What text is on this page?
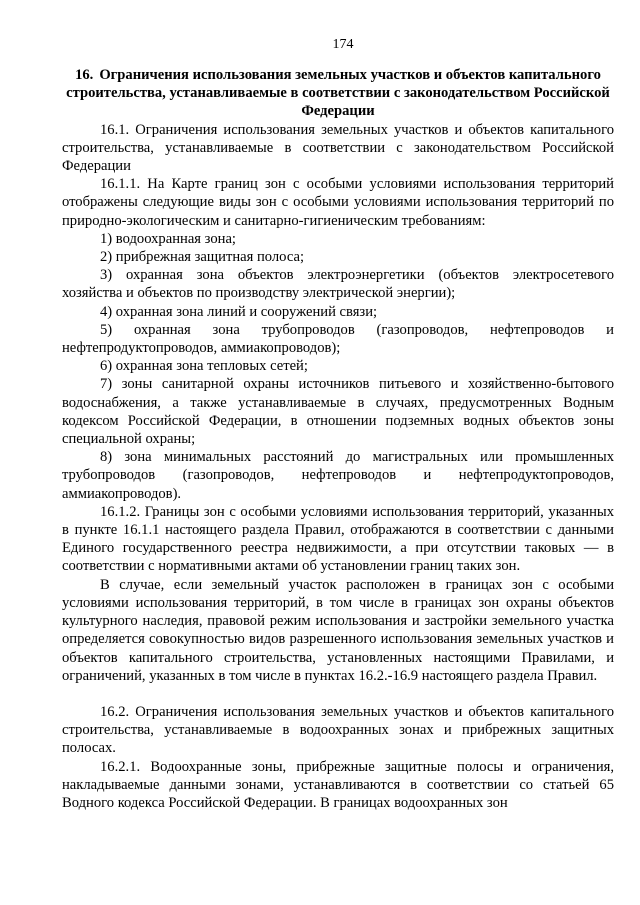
174
16. Ограничения использования земельных участков и объектов капитального строительства, устанавливаемые в соответствии с законодательством Российской Федерации

16.1. Ограничения использования земельных участков и объектов капитального строительства, устанавливаемые в соответствии с законодательством Российской Федерации

16.1.1. На Карте границ зон с особыми условиями использования территорий отображены следующие виды зон с особыми условиями использования территорий по природно-экологическим и санитарно-гигиеническим требованиям:

1) водоохранная зона;

2) прибрежная защитная полоса;

3) охранная зона объектов электроэнергетики (объектов электросетевого хозяйства и объектов по производству электрической энергии);

4) охранная зона линий и сооружений связи;

5) охранная зона трубопроводов (газопроводов, нефтепроводов и нефтепродуктопроводов, аммиакопроводов);

6) охранная зона тепловых сетей;

7) зоны санитарной охраны источников питьевого и хозяйственно-бытового водоснабжения, а также устанавливаемые в случаях, предусмотренных Водным кодексом Российской Федерации, в отношении подземных водных объектов зоны специальной охраны;

8) зона минимальных расстояний до магистральных или промышленных трубопроводов (газопроводов, нефтепроводов и нефтепродуктопроводов, аммиакопроводов).

16.1.2. Границы зон с особыми условиями использования территорий, указанных в пункте 16.1.1 настоящего раздела Правил, отображаются в соответствии с данными Единого государственного реестра недвижимости, а при отсутствии таковых — в соответствии с нормативными актами об установлении границ таких зон.

В случае, если земельный участок расположен в границах зон с особыми условиями использования территорий, в том числе в границах зон охраны объектов культурного наследия, правовой режим использования и застройки земельного участка определяется совокупностью видов разрешенного использования земельных участков и объектов капитального строительства, установленных настоящими Правилами, и ограничений, указанных в том числе в пунктах 16.2.-16.9 настоящего раздела Правил.

16.2. Ограничения использования земельных участков и объектов капитального строительства, устанавливаемые в водоохранных зонах и прибрежных защитных полосах.

16.2.1. Водоохранные зоны, прибрежные защитные полосы и ограничения, накладываемые данными зонами, устанавливаются в соответствии со статьей 65 Водного кодекса Российской Федерации. В границах водоохранных зон
